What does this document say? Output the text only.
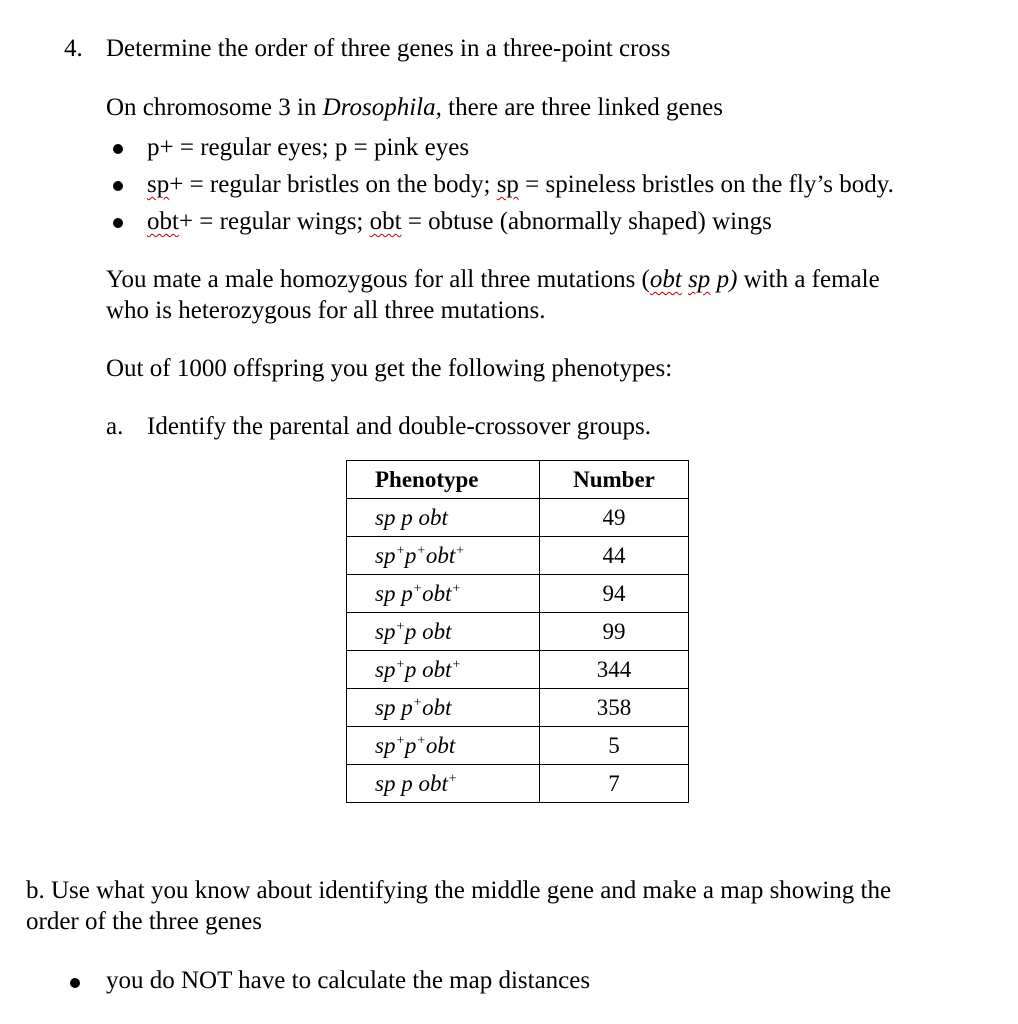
4. Determine the order of three genes in a three-point cross
On chromosome 3 in Drosophila, there are three linked genes
p+ = regular eyes; p = pink eyes
sp+ = regular bristles on the body; sp = spineless bristles on the fly’s body.
obt+ = regular wings; obt = obtuse (abnormally shaped) wings
You mate a male homozygous for all three mutations (obt sp p) with a female
who is heterozygous for all three mutations.
Out of 1000 offspring you get the following phenotypes:
a. Identify the parental and double-crossover groups.
Phenotype	Number
sp p obt	49
sp+p+obt+	44
sp p+obt+	94
sp+p obt	99
sp+p obt+	344
sp p+obt	358
sp+p+obt	5
sp p obt+	7
b. Use what you know about identifying the middle gene and make a map showing the
order of the three genes
you do NOT have to calculate the map distances
